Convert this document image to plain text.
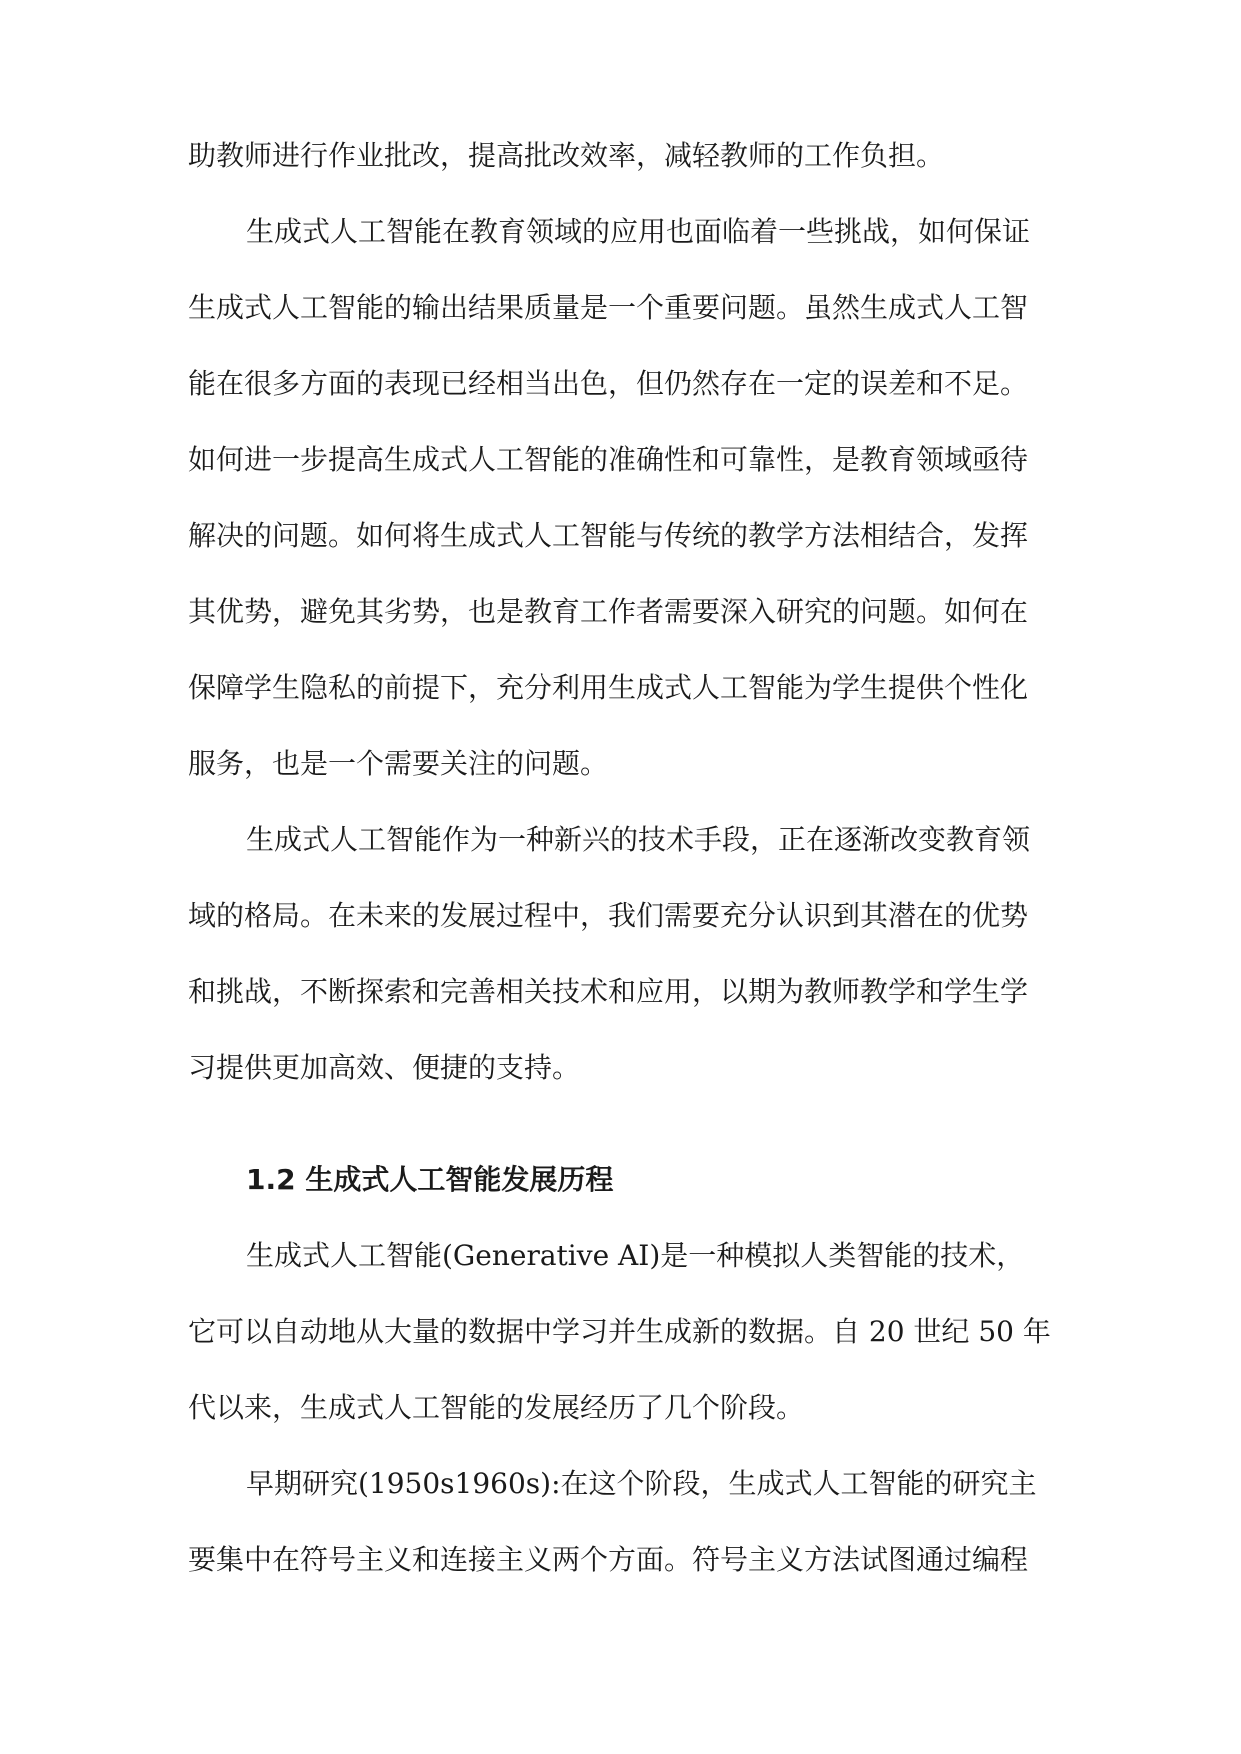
助教师进行作业批改，提高批改效率，减轻教师的工作负担。
生成式人工智能在教育领域的应用也面临着一些挑战，如何保证
生成式人工智能的输出结果质量是一个重要问题。虽然生成式人工智
能在很多方面的表现已经相当出色，但仍然存在一定的误差和不足。
如何进一步提高生成式人工智能的准确性和可靠性，是教育领域亟待
解决的问题。如何将生成式人工智能与传统的教学方法相结合，发挥
其优势，避免其劣势，也是教育工作者需要深入研究的问题。如何在
保障学生隐私的前提下，充分利用生成式人工智能为学生提供个性化
服务，也是一个需要关注的问题。
生成式人工智能作为一种新兴的技术手段，正在逐渐改变教育领
域的格局。在未来的发展过程中，我们需要充分认识到其潜在的优势
和挑战，不断探索和完善相关技术和应用，以期为教师教学和学生学
习提供更加高效、便捷的支持。
1.2 生成式人工智能发展历程
生成式人工智能(Generative AI)是一种模拟人类智能的技术，
它可以自动地从大量的数据中学习并生成新的数据。自 20 世纪 50 年
代以来，生成式人工智能的发展经历了几个阶段。
早期研究(1950s1960s):在这个阶段，生成式人工智能的研究主
要集中在符号主义和连接主义两个方面。符号主义方法试图通过编程
